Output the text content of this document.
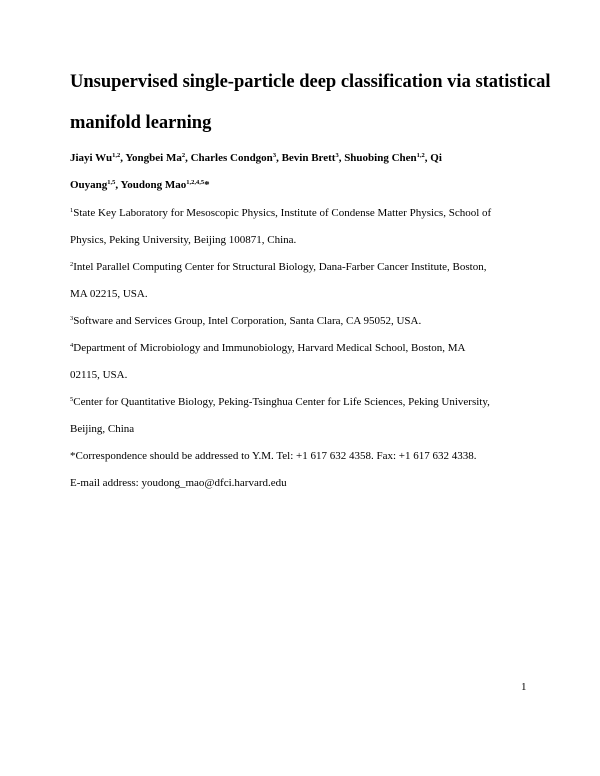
Unsupervised single-particle deep classification via statistical
manifold learning
Jiayi Wu$^{1,2}$, Yongbei Ma$^2$, Charles Condgon$^3$, Bevin Brett$^3$, Shuobing Chen$^{1,2}$, Qi
Ouyang$^{1,5}$, Youdong Mao$^{1,2,4,5}$*
$^1$State Key Laboratory for Mesoscopic Physics, Institute of Condense Matter Physics, School of
Physics, Peking University, Beijing 100871, China.
$^2$Intel Parallel Computing Center for Structural Biology, Dana-Farber Cancer Institute, Boston,
MA 02215, USA.
$^3$Software and Services Group, Intel Corporation, Santa Clara, CA 95052, USA.
$^4$Department of Microbiology and Immunobiology, Harvard Medical School, Boston, MA
02115, USA.
$^5$Center for Quantitative Biology, Peking-Tsinghua Center for Life Sciences, Peking University,
Beijing, China
*Correspondence should be addressed to Y.M. Tel: +1 617 632 4358. Fax: +1 617 632 4338.
E-mail address: youdong_mao@dfci.harvard.edu
1
